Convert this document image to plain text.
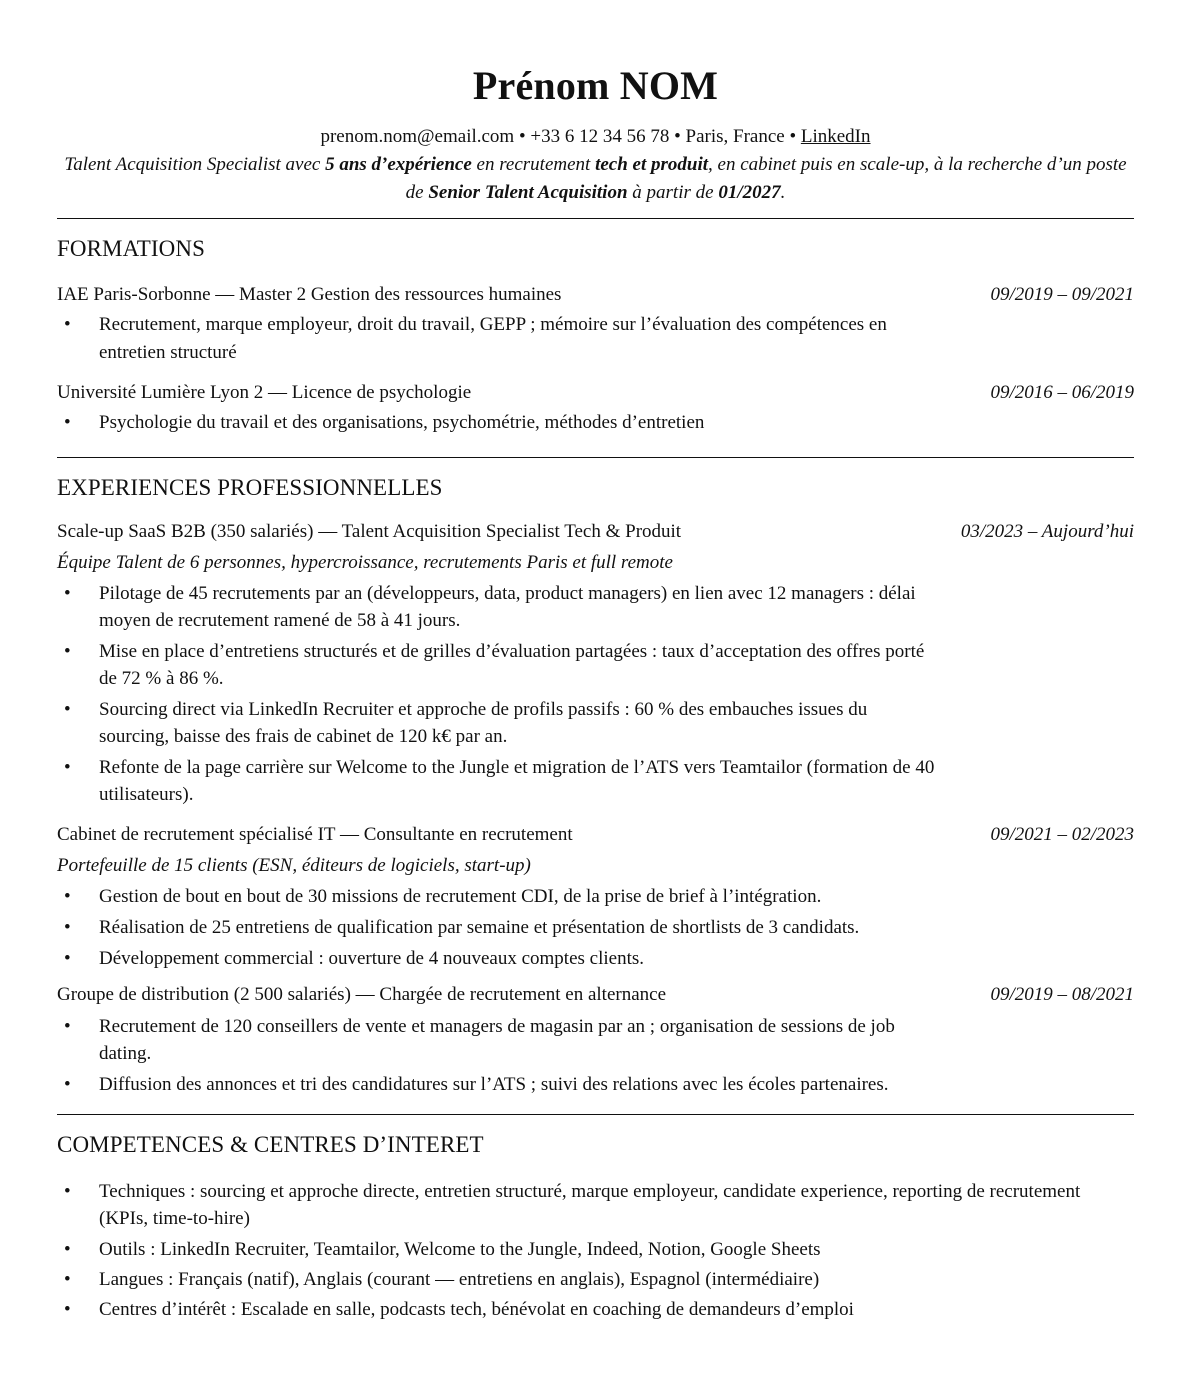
Prénom NOM
prenom.nom@email.com • +33 6 12 34 56 78 • Paris, France • LinkedIn
Talent Acquisition Specialist avec 5 ans d’expérience en recrutement tech et produit, en cabinet puis en scale-up, à la recherche d’un poste de Senior Talent Acquisition à partir de 01/2027.
FORMATIONS
IAE Paris-Sorbonne — Master 2 Gestion des ressources humaines	09/2019 – 09/2021
• Recrutement, marque employeur, droit du travail, GEPP ; mémoire sur l’évaluation des compétences en entretien structuré
Université Lumière Lyon 2 — Licence de psychologie	09/2016 – 06/2019
• Psychologie du travail et des organisations, psychométrie, méthodes d’entretien
EXPERIENCES PROFESSIONNELLES
Scale-up SaaS B2B (350 salariés) — Talent Acquisition Specialist Tech & Produit	03/2023 – Aujourd’hui
Équipe Talent de 6 personnes, hypercroissance, recrutements Paris et full remote
• Pilotage de 45 recrutements par an (développeurs, data, product managers) en lien avec 12 managers : délai moyen de recrutement ramené de 58 à 41 jours.
• Mise en place d’entretiens structurés et de grilles d’évaluation partagées : taux d’acceptation des offres porté de 72 % à 86 %.
• Sourcing direct via LinkedIn Recruiter et approche de profils passifs : 60 % des embauches issues du sourcing, baisse des frais de cabinet de 120 k€ par an.
• Refonte de la page carrière sur Welcome to the Jungle et migration de l’ATS vers Teamtailor (formation de 40 utilisateurs).
Cabinet de recrutement spécialisé IT — Consultante en recrutement	09/2021 – 02/2023
Portefeuille de 15 clients (ESN, éditeurs de logiciels, start-up)
• Gestion de bout en bout de 30 missions de recrutement CDI, de la prise de brief à l’intégration.
• Réalisation de 25 entretiens de qualification par semaine et présentation de shortlists de 3 candidats.
• Développement commercial : ouverture de 4 nouveaux comptes clients.
Groupe de distribution (2 500 salariés) — Chargée de recrutement en alternance	09/2019 – 08/2021
• Recrutement de 120 conseillers de vente et managers de magasin par an ; organisation de sessions de job dating.
• Diffusion des annonces et tri des candidatures sur l’ATS ; suivi des relations avec les écoles partenaires.
COMPETENCES & CENTRES D’INTERET
• Techniques : sourcing et approche directe, entretien structuré, marque employeur, candidate experience, reporting de recrutement (KPIs, time-to-hire)
• Outils : LinkedIn Recruiter, Teamtailor, Welcome to the Jungle, Indeed, Notion, Google Sheets
• Langues : Français (natif), Anglais (courant — entretiens en anglais), Espagnol (intermédiaire)
• Centres d’intérêt : Escalade en salle, podcasts tech, bénévolat en coaching de demandeurs d’emploi
